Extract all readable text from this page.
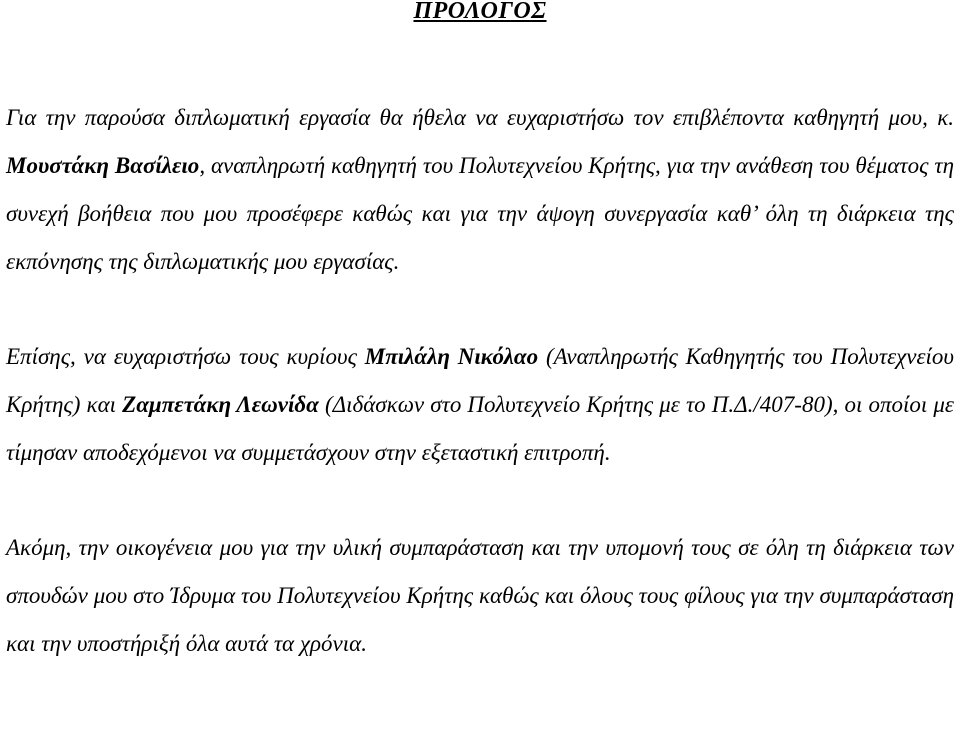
ΠΡΟΛΟΓΟΣ

Για την παρούσα διπλωματική εργασία θα ήθελα να ευχαριστήσω τον επιβλέποντα καθηγητή μου, κ. Μουστάκη Βασίλειο, αναπληρωτή καθηγητή του Πολυτεχνείου Κρήτης, για την ανάθεση του θέματος τη συνεχή βοήθεια που μου προσέφερε καθώς και για την άψογη συνεργασία καθ’ όλη τη διάρκεια της εκπόνησης της διπλωματικής μου εργασίας.

Επίσης, να ευχαριστήσω τους κυρίους Μπιλάλη Νικόλαο (Αναπληρωτής Καθηγητής του Πολυτεχνείου Κρήτης) και Ζαμπετάκη Λεωνίδα (Διδάσκων στο Πολυτεχνείο Κρήτης με το Π.Δ./407-80), οι οποίοι με τίμησαν αποδεχόμενοι να συμμετάσχουν στην εξεταστική επιτροπή.

Ακόμη, την οικογένεια μου για την υλική συμπαράσταση και την υπομονή τους σε όλη τη διάρκεια των σπουδών μου στο Ίδρυμα του Πολυτεχνείου Κρήτης καθώς και όλους τους φίλους για την συμπαράσταση και την υποστήριξή όλα αυτά τα χρόνια.
